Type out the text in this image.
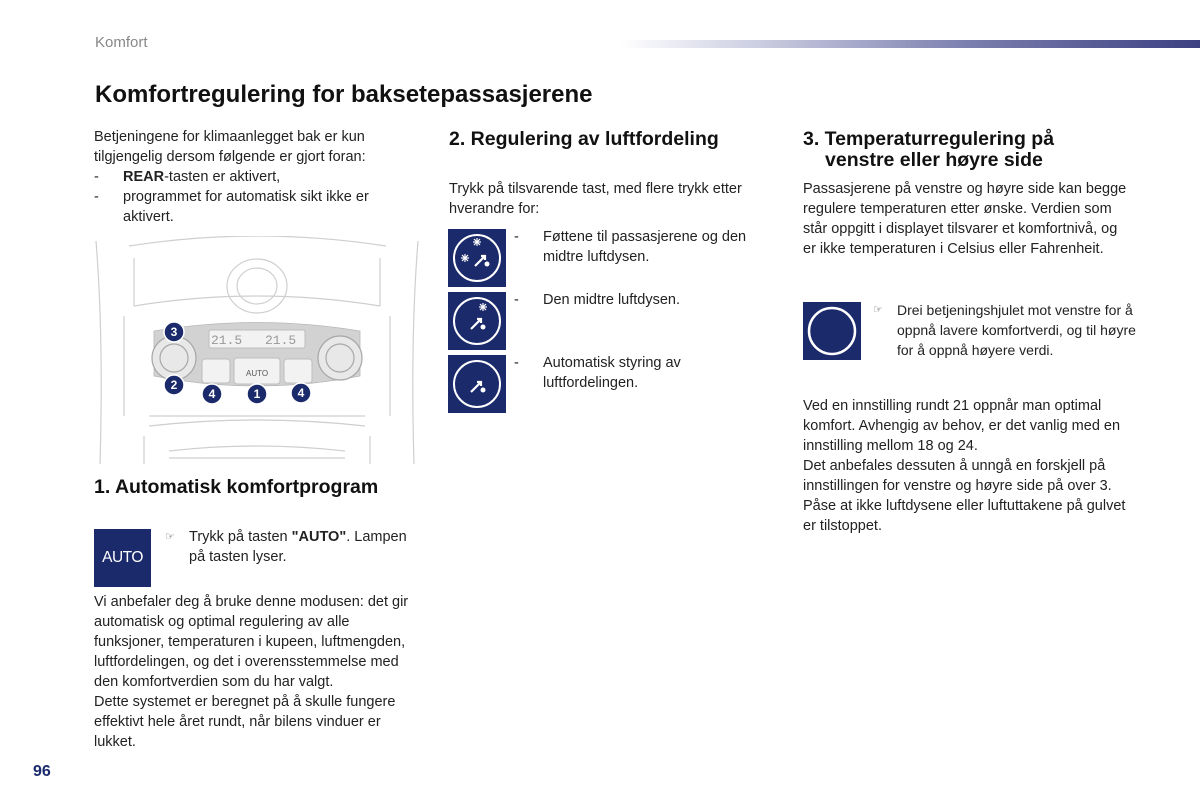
Komfort
Komfortregulering for baksetepassasjerene

Betjeningene for klimaanlegget bak er kun tilgjengelig dersom følgende er gjort foran:

-	REAR-tasten er aktivert,
-	programmet for automatisk sikt ikke er aktivert.
21.5 21.5
AUTO
3
2
4	1	4
1. Automatisk komfortprogram
AUTO
☞ Trykk på tasten "AUTO". Lampen på tasten lyser.

Vi anbefaler deg å bruke denne modusen: det gir automatisk og optimal regulering av alle funksjoner, temperaturen i kupeen, luftmengden, luftfordelingen, og det i overensstemmelse med den komfortverdien som du har valgt.

Dette systemet er beregnet på å skulle fungere effektivt hele året rundt, når bilens vinduer er lukket.

2. Regulering av luftfordeling
Trykk på tilsvarende tast, med flere trykk etter hverandre for:
-	Føttene til passasjerene og den midtre luftdysen.
-	Den midtre luftdysen.
-	Automatisk styring av luftfordelingen.
3. Temperaturregulering på
venstre eller høyre side
Passasjerene på venstre og høyre side kan begge regulere temperaturen etter ønske. Verdien som står oppgitt i displayet tilsvarer et komfortnivå, og er ikke temperaturen i Celsius eller Fahrenheit.
☞ Drei betjeningshjulet mot venstre for å oppnå lavere komfortverdi, og til høyre for å oppnå høyere verdi.

Ved en innstilling rundt 21 oppnår man optimal komfort. Avhengig av behov, er det vanlig med en innstilling mellom 18 og 24.

Det anbefales dessuten å unngå en forskjell på innstillingen for venstre og høyre side på over 3.

Påse at ikke luftdysene eller luftuttakene på gulvet er tilstoppet.

96
